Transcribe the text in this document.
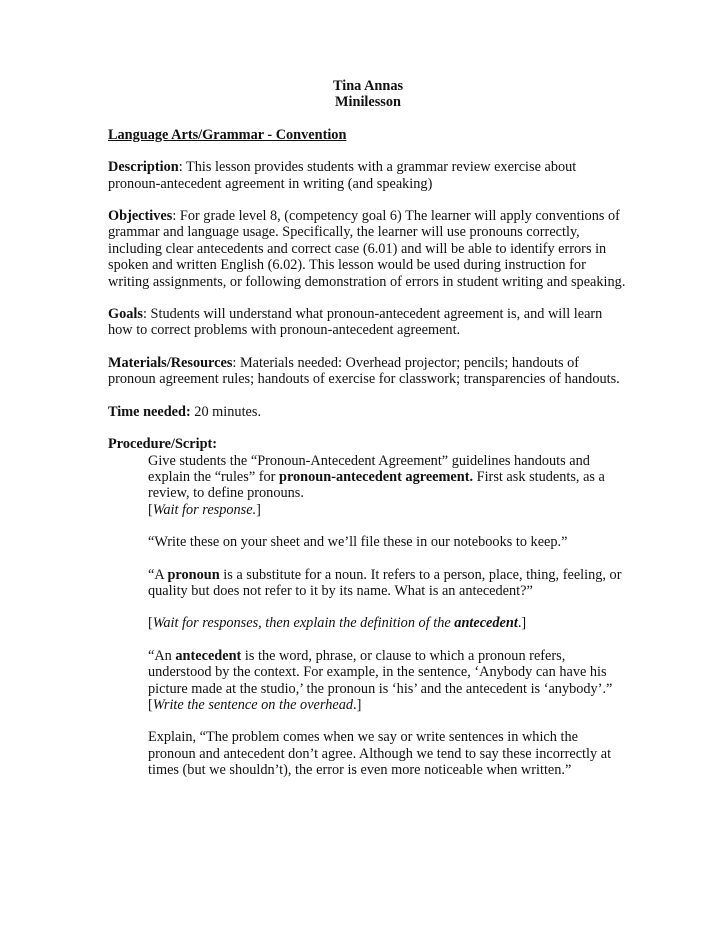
Tina Annas
Minilesson
Language Arts/Grammar - Convention

Description: This lesson provides students with a grammar review exercise about pronoun-antecedent agreement in writing (and speaking)

Objectives: For grade level 8, (competency goal 6) The learner will apply conventions of grammar and language usage. Specifically, the learner will use pronouns correctly, including clear antecedents and correct case (6.01) and will be able to identify errors in spoken and written English (6.02). This lesson would be used during instruction for writing assignments, or following demonstration of errors in student writing and speaking.

Goals: Students will understand what pronoun-antecedent agreement is, and will learn how to correct problems with pronoun-antecedent agreement.

Materials/Resources: Materials needed: Overhead projector; pencils; handouts of pronoun agreement rules; handouts of exercise for classwork; transparencies of handouts.

Time needed: 20 minutes.

Procedure/Script:

Give students the “Pronoun-Antecedent Agreement” guidelines handouts and explain the “rules” for pronoun-antecedent agreement. First ask students, as a review, to define pronouns.
[Wait for response.]

“Write these on your sheet and we’ll file these in our notebooks to keep.”

“A pronoun is a substitute for a noun. It refers to a person, place, thing, feeling, or quality but does not refer to it by its name. What is an antecedent?”

[Wait for responses, then explain the definition of the antecedent.]

“An antecedent is the word, phrase, or clause to which a pronoun refers, understood by the context. For example, in the sentence, ‘Anybody can have his picture made at the studio,’ the pronoun is ‘his’ and the antecedent is ‘anybody’.”
[Write the sentence on the overhead.]

Explain, “The problem comes when we say or write sentences in which the pronoun and antecedent don’t agree. Although we tend to say these incorrectly at times (but we shouldn’t), the error is even more noticeable when written.”
